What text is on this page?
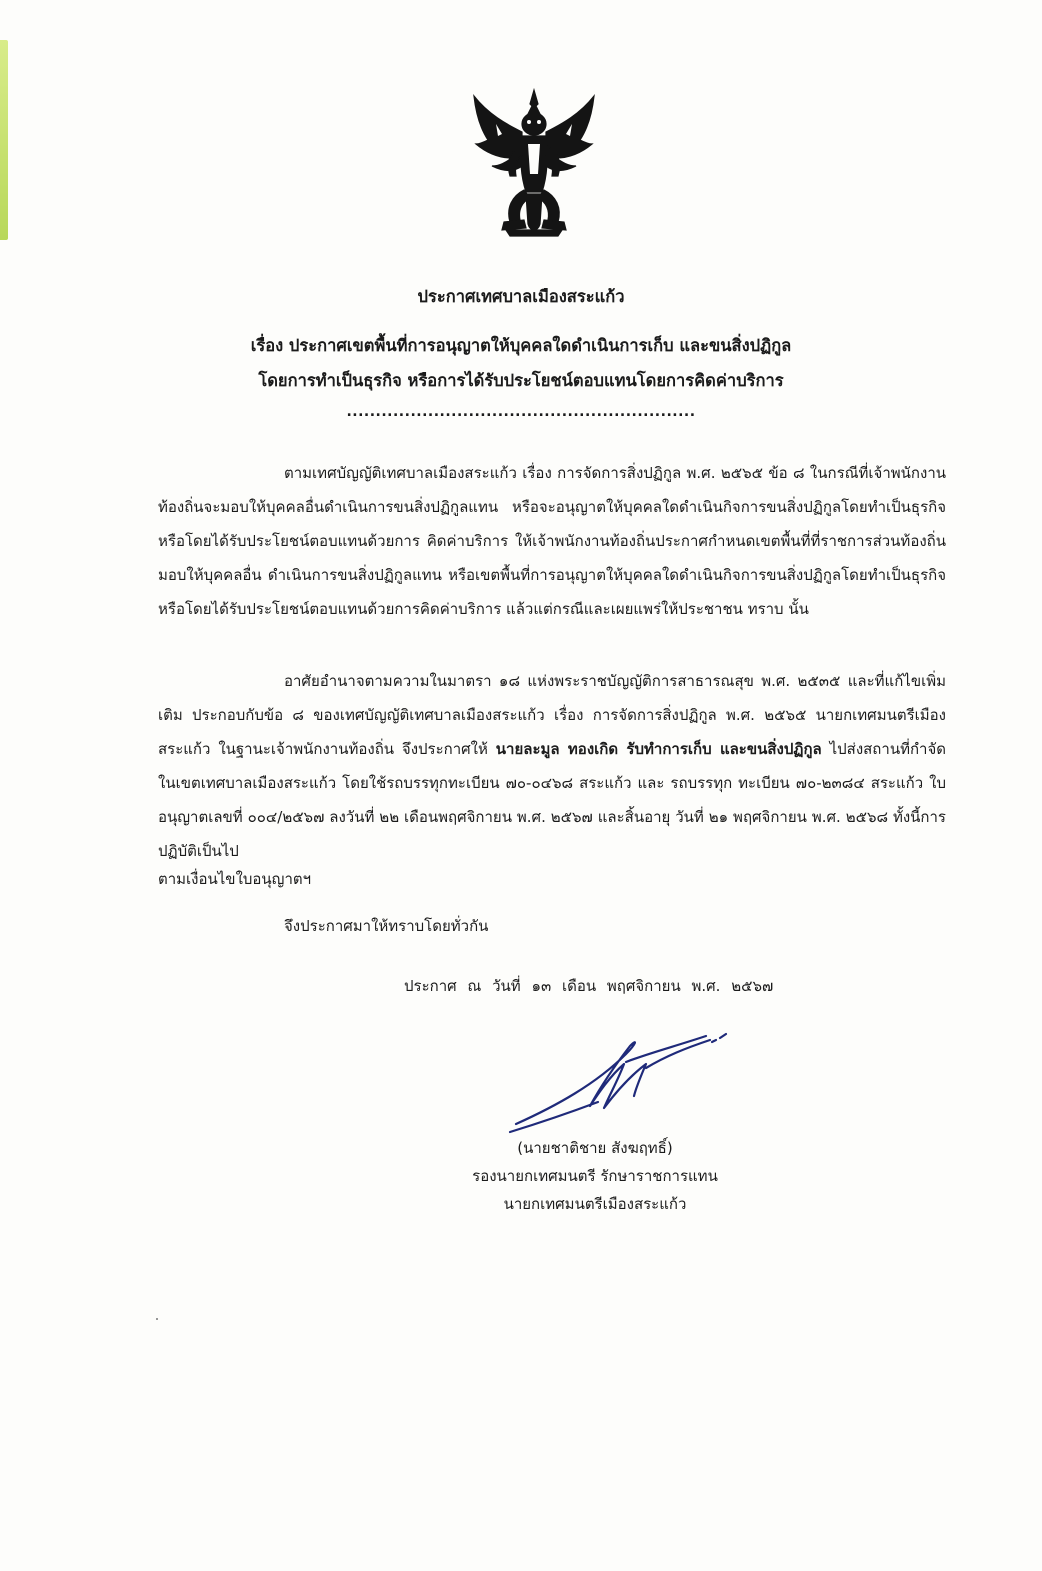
ประกาศเทศบาลเมืองสระแก้ว
เรื่อง ประกาศเขตพื้นที่การอนุญาตให้บุคคลใดดำเนินการเก็บ และขนสิ่งปฏิกูล
โดยการทำเป็นธุรกิจ หรือการได้รับประโยชน์ตอบแทนโดยการคิดค่าบริการ
............................................................
ตามเทศบัญญัติเทศบาลเมืองสระแก้ว เรื่อง การจัดการสิ่งปฏิกูล พ.ศ. ๒๕๖๕ ข้อ ๘ ในกรณีที่เจ้าพนักงานท้องถิ่นจะมอบให้บุคคลอื่นดำเนินการขนสิ่งปฏิกูลแทน หรือจะอนุญาตให้บุคคลใดดำเนินกิจการขนสิ่งปฏิกูลโดยทำเป็นธุรกิจหรือโดยได้รับประโยชน์ตอบแทนด้วยการ คิดค่าบริการ ให้เจ้าพนักงานท้องถิ่นประกาศกำหนดเขตพื้นที่ที่ราชการส่วนท้องถิ่นมอบให้บุคคลอื่น ดำเนินการขนสิ่งปฏิกูลแทน หรือเขตพื้นที่การอนุญาตให้บุคคลใดดำเนินกิจการขนสิ่งปฏิกูลโดยทำเป็นธุรกิจ หรือโดยได้รับประโยชน์ตอบแทนด้วยการคิดค่าบริการ แล้วแต่กรณีและเผยแพร่ให้ประชาชน ทราบ นั้น
อาศัยอำนาจตามความในมาตรา ๑๘ แห่งพระราชบัญญัติการสาธารณสุข พ.ศ. ๒๕๓๕ และที่แก้ไขเพิ่มเติม ประกอบกับข้อ ๘ ของเทศบัญญัติเทศบาลเมืองสระแก้ว เรื่อง การจัดการสิ่งปฏิกูล พ.ศ. ๒๕๖๕ นายกเทศมนตรีเมืองสระแก้ว ในฐานะเจ้าพนักงานท้องถิ่น จึงประกาศให้ นายละมูล ทองเกิด รับทำการเก็บ และขนสิ่งปฏิกูล ไปส่งสถานที่กำจัด ในเขตเทศบาลเมืองสระแก้ว โดยใช้รถบรรทุกทะเบียน ๗๐-๐๔๖๘ สระแก้ว และ รถบรรทุก ทะเบียน ๗๐-๒๓๘๔ สระแก้ว ใบอนุญาตเลขที่ ๐๐๔/๒๕๖๗ ลงวันที่ ๒๒ เดือนพฤศจิกายน พ.ศ. ๒๕๖๗ และสิ้นอายุ วันที่ ๒๑ พฤศจิกายน พ.ศ. ๒๕๖๘ ทั้งนี้การปฏิบัติเป็นไป
ตามเงื่อนไขใบอนุญาตฯ
จึงประกาศมาให้ทราบโดยทั่วกัน
ประกาศ ณ วันที่ ๑๓ เดือน พฤศจิกายน พ.ศ. ๒๕๖๗
(นายชาติชาย สังฆฤทธิ์)
รองนายกเทศมนตรี รักษาราชการแทน
นายกเทศมนตรีเมืองสระแก้ว
